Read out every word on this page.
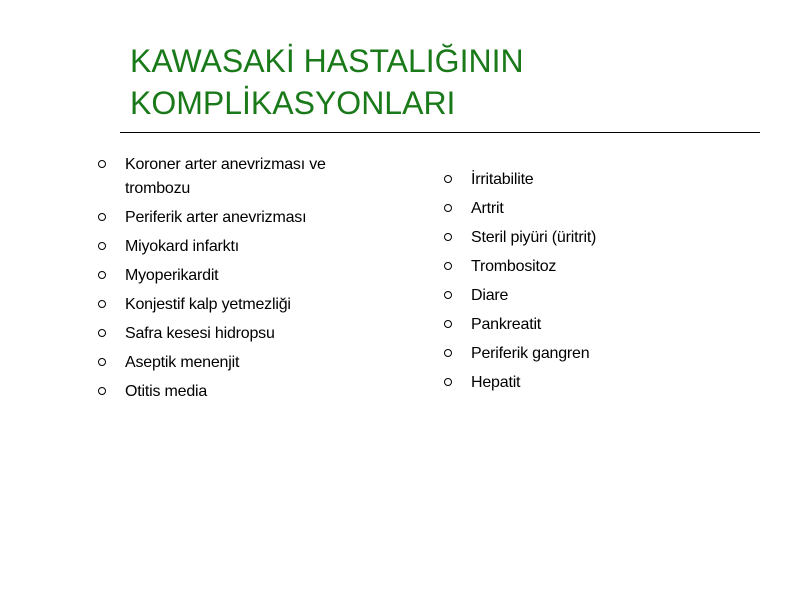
KAWASAKİ HASTALIĞININ
KOMPLİKASYONLARI
Koroner arter anevrizması ve trombozu
Periferik arter anevrizması
Miyokard infarktı
Myoperikardit
Konjestif kalp yetmezliği
Safra kesesi hidropsu
Aseptik menenjit
Otitis media
İrritabilite
Artrit
Steril piyüri (üritrit)
Trombositoz
Diare
Pankreatit
Periferik gangren
Hepatit
